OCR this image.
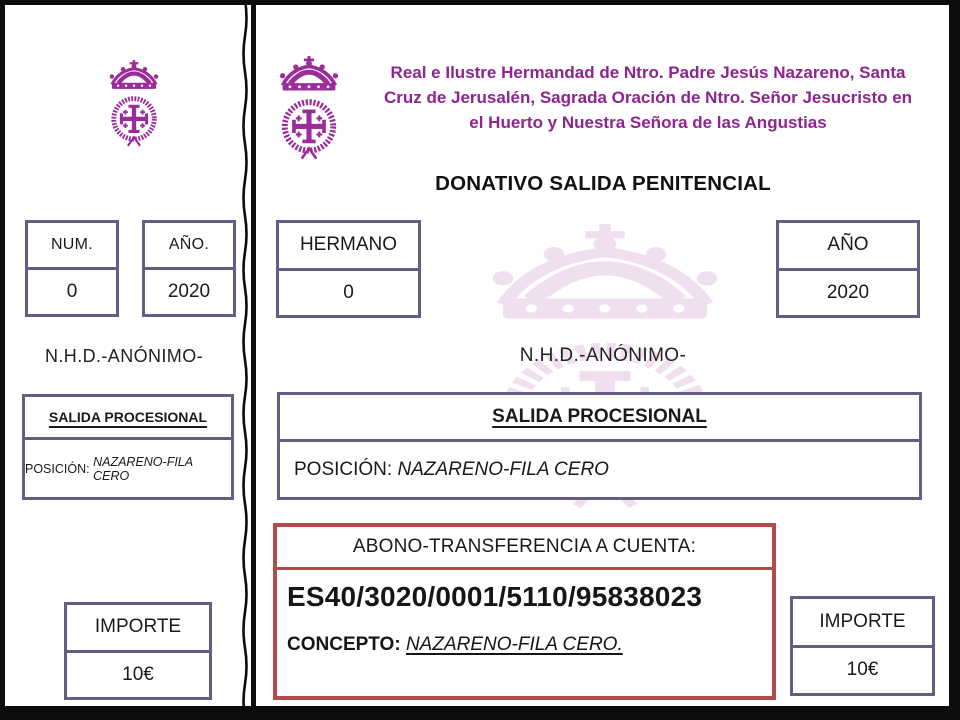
NUM.
0
AÑO.
2020
N.H.D.-ANÓNIMO-
SALIDA PROCESIONAL
POSICIÓN:
NAZARENO-FILA CERO
IMPORTE
10€
Real e Ilustre Hermandad de Ntro. Padre Jesús Nazareno, Santa
Cruz de Jerusalén, Sagrada Oración de Ntro. Señor Jesucristo en
el Huerto y Nuestra Señora de las Angustias
DONATIVO SALIDA PENITENCIAL
HERMANO
0
AÑO
2020
N.H.D.-ANÓNIMO-
SALIDA PROCESIONAL
POSICIÓN:
NAZARENO-FILA CERO
ABONO-TRANSFERENCIA A CUENTA:
ES40/3020/0001/5110/95838023
CONCEPTO: NAZARENO-FILA CERO.
IMPORTE
10€
